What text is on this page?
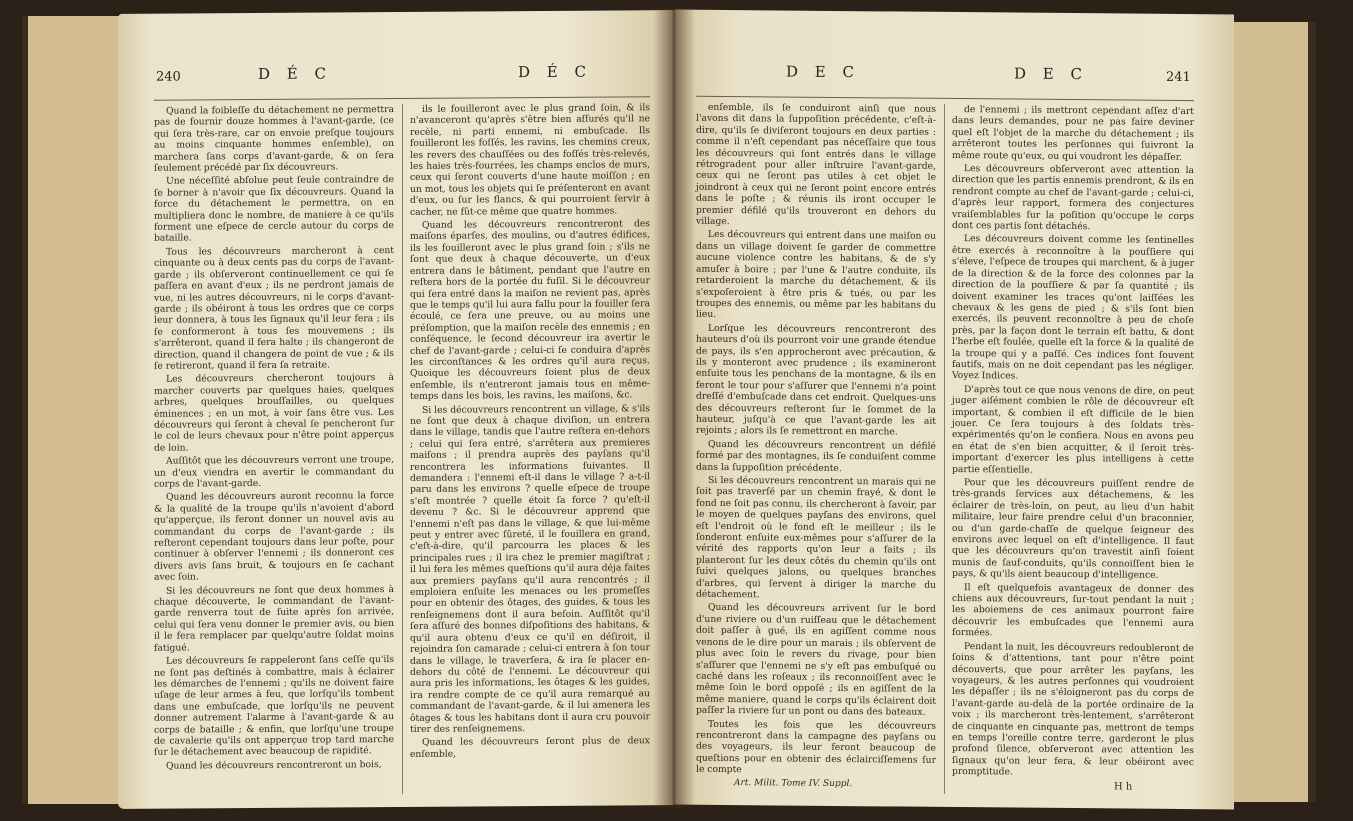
240	D É C	D É C

Quand la foibleſſe du détachement ne permettra pas de fournir douze hommes à l'avant-garde, (ce qui ſera très-rare, car on envoie preſque toujours au moins cinquante hommes enſemble), on marchera ſans corps d'avant-garde, & on ſera ſeulement précédé par ſix découvreurs.

Une néceſſité abſolue peut ſeule contraindre de ſe borner à n'avoir que ſix découvreurs. Quand la force du détachement le permettra, on en multipliera donc le nombre, de maniere à ce qu'ils forment une eſpece de cercle autour du corps de bataille.

Tous les découvreurs marcheront à cent cinquante ou à deux cents pas du corps de l'avant-garde ; ils obſerveront continuellement ce qui ſe paſſera en avant d'eux ; ils ne perdront jamais de vue, ni les autres découvreurs, ni le corps d'avant-garde ; ils obéiront à tous les ordres que ce corps leur donnera, à tous les ſignaux qu'il leur fera ; ils ſe conformeront à tous ſes mouvemens ; ils s'arrêteront, quand il fera halte ; ils changeront de direction, quand il changera de point de vue ; & ils ſe retireront, quand il fera ſa retraite.

Les découvreurs chercheront toujours à marcher couverts par quelques haies, quelques arbres, quelques brouſſailles, ou quelques éminences ; en un mot, à voir ſans être vus. Les découvreurs qui ſeront à cheval ſe pencheront ſur le col de leurs chevaux pour n'être point apperçus de loin.

Auſſitôt que les découvreurs verront une troupe, un d'eux viendra en avertir le commandant du corps de l'avant-garde.

Quand les découvreurs auront reconnu la force & la qualité de la troupe qu'ils n'avoient d'abord qu'apperçue, ils feront donner un nouvel avis au commandant du corps de l'avant-garde ; ils reſteront cependant toujours dans leur poſte, pour continuer à obſerver l'ennemi ; ils donneront ces divers avis ſans bruit, & toujours en ſe cachant avec ſoin.

Si les découvreurs ne ſont que deux hommes à chaque découverte, le commandant de l'avant-garde renverra tout de ſuite après ſon arrivée, celui qui ſera venu donner le premier avis, ou bien il le fera remplacer par quelqu'autre ſoldat moins fatigué.

Les découvreurs ſe rappeleront ſans ceſſe qu'ils ne ſont pas deſtinés à combattre, mais à éclairer les démarches de l'ennemi ; qu'ils ne doivent faire uſage de leur armes à feu, que lorſqu'ils tombent dans une embuſcade, que lorſqu'ils ne peuvent donner autrement l'alarme à l'avant-garde & au corps de bataille ; & enfin, que lorſqu'une troupe de cavalerie qu'ils ont apperçue trop tard marche ſur le détachement avec beaucoup de rapidité.

Quand les découvreurs rencontreront un bois,

ils le fouilleront avec le plus grand ſoin, & ils n'avanceront qu'après s'être bien aſſurés qu'il ne recèle, ni parti ennemi, ni embuſcade. Ils fouilleront les foſſés, les ravins, les chemins creux, les revers des chauſſées ou des foſſés très-relevés, les haies très-fourrées, les champs enclos de murs, ceux qui ſeront couverts d'une haute moiſſon ; en un mot, tous les objets qui ſe préſenteront en avant d'eux, ou ſur les flancs, & qui pourroient ſervir à cacher, ne fût-ce même que quatre hommes.

Quand les découvreurs rencontreront des maiſons éparſes, des moulins, ou d'autres édifices, ils les fouilleront avec le plus grand ſoin ; s'ils ne ſont que deux à chaque découverte, un d'eux entrera dans le bâtiment, pendant que l'autre en reſtera hors de la portée du fuſil. Si le découvreur qui ſera entré dans la maiſon ne revient pas, après que le temps qu'il lui aura fallu pour la fouiller ſera écoulé, ce ſera une preuve, ou au moins une préſomption, que la maiſon recèle des ennemis ; en conſéquence, le ſecond découvreur ira avertir le chef de l'avant-garde ; celui-ci ſe conduira d'après les circonſtances & les ordres qu'il aura reçus. Quoique les découvreurs ſoient plus de deux enſemble, ils n'entreront jamais tous en même-temps dans les bois, les ravins, les maiſons, &c.

Si les découvreurs rencontrent un village, & s'ils ne ſont que deux à chaque diviſion, un entrera dans le village, tandis que l'autre reſtera en-dehors ; celui qui ſera entré, s'arrêtera aux premieres maiſons ; il prendra auprès des payſans qu'il rencontrera les informations ſuivantes. Il demandera : l'ennemi eſt-il dans le village ? a-t-il paru dans les environs ? quelle eſpece de troupe s'eſt montrée ? quelle étoit ſa force ? qu'eſt-il devenu ? &c. Si le découvreur apprend que l'ennemi n'eſt pas dans le village, & que lui-même peut y entrer avec ſûreté, il le fouillera en grand, c'eſt-à-dire, qu'il parcourra les places & les principales rues ; il ira chez le premier magiſtrat ; il lui fera les mêmes queſtions qu'il aura déja faites aux premiers payſans qu'il aura rencontrés ; il emploiera enſuite les menaces ou les promeſſes pour en obtenir des ôtages, des guides, & tous les renſeignemens dont il aura beſoin. Auſſitôt qu'il ſera aſſuré des bonnes diſpoſitions des habitans, & qu'il aura obtenu d'eux ce qu'il en déſiroit, il rejoindra ſon camarade ; celui-ci entrera à ſon tour dans le village, le traverſera, & ira ſe placer en-dehors du côté de l'ennemi. Le découvreur qui aura pris les informations, les ôtages & les guides, ira rendre compte de ce qu'il aura remarqué au commandant de l'avant-garde, & il lui amenera les ôtages & tous les habitans dont il aura cru pouvoir tirer des renſeignemens.

Quand les découvreurs ſeront plus de deux enſemble,

D E C	D E C	241

enſemble, ils ſe conduiront ainſi que nous l'avons dit dans la ſuppoſition précédente, c'eſt-à-dire, qu'ils ſe diviſeront toujours en deux parties : comme il n'eſt cependant pas néceſſaire que tous les découvreurs qui ſont entrés dans le village rétrogradent pour aller inſtruire l'avant-garde, ceux qui ne ſeront pas utiles à cet objet le joindront à ceux qui ne ſeront point encore entrés dans le poſte ; & réunis ils iront occuper le premier défilé qu'ils trouveront en dehors du village.

Les découvreurs qui entrent dans une maiſon ou dans un village doivent ſe garder de commettre aucune violence contre les habitans, & de s'y amuſer à boire ; par l'une & l'autre conduite, ils retarderoient la marche du détachement, & ils s'expoſeroient à être pris & tués, ou par les troupes des ennemis, ou même par les habitans du lieu.

Lorſque les découvreurs rencontreront des hauteurs d'où ils pourront voir une grande étendue de pays, ils s'en approcheront avec précaution, & ils y monteront avec prudence ; ils examineront enſuite tous les penchans de la montagne, & ils en feront le tour pour s'aſſurer que l'ennemi n'a point dreſſé d'embuſcade dans cet endroit. Quelques-uns des découvreurs reſteront ſur le ſommet de la hauteur, juſqu'à ce que l'avant-garde les ait rejoints ; alors ils ſe remettront en marche.

Quand les découvreurs rencontrent un défilé formé par des montagnes, ils ſe conduiſent comme dans la ſuppoſition précédente.

Si les découvreurs rencontrent un marais qui ne ſoit pas traverſé par un chemin frayé, & dont le fond ne ſoit pas connu, ils chercheront à ſavoir, par le moyen de quelques payſans des environs, quel eſt l'endroit où le fond eſt le meilleur ; ils le ſonderont enſuite eux-mêmes pour s'aſſurer de la vérité des rapports qu'on leur a faits ; ils planteront ſur les deux côtés du chemin qu'ils ont ſuivi quelques jalons, ou quelques branches d'arbres, qui ſervent à diriger la marche du détachement.

Quand les découvreurs arrivent ſur le bord d'une riviere ou d'un ruiſſeau que le détachement doit paſſer à gué, ils en agiſſent comme nous venons de le dire pour un marais ; ils obſervent de plus avec ſoin le revers du rivage, pour bien s'aſſurer que l'ennemi ne s'y eſt pas embuſqué ou caché dans les roſeaux ; ils reconnoiſſent avec le même ſoin le bord oppoſé ; ils en agiſſent de la même maniere, quand le corps qu'ils éclairent doit paſſer la riviere ſur un pont ou dans des bateaux.

Toutes les fois que les découvreurs rencontreront dans la campagne des payſans ou des voyageurs, ils leur feront beaucoup de queſtions pour en obtenir des éclairciſſemens ſur le compte

de l'ennemi ; ils mettront cependant aſſez d'art dans leurs demandes, pour ne pas faire deviner quel eſt l'objet de la marche du détachement ; ils arrêteront toutes les perſonnes qui ſuivront la même route qu'eux, ou qui voudront les dépaſſer.

Les découvreurs obſerveront avec attention la direction que les partis ennemis prendront, & ils en rendront compte au chef de l'avant-garde ; celui-ci, d'après leur rapport, formera des conjectures vraiſemblables ſur la poſition qu'occupe le corps dont ces partis ſont détachés.

Les découvreurs doivent comme les ſentinelles être exercés à reconnoître à la pouſſiere qui s'éleve, l'eſpece de troupes qui marchent, & à juger de la direction & de la force des colonnes par la direction de la pouſſiere & par ſa quantité ; ils doivent examiner les traces qu'ont laiſſées les chevaux & les gens de pied ; & s'ils ſont bien exercés, ils peuvent reconnoître à peu de choſe près, par la façon dont le terrain eſt battu, & dont l'herbe eſt foulée, quelle eſt la force & la qualité de la troupe qui y a paſſé. Ces indices ſont ſouvent fautifs, mais on ne doit cependant pas les négliger. Voyez Indices.

D'après tout ce que nous venons de dire, on peut juger aiſément combien le rôle de découvreur eſt important, & combien il eſt difficile de le bien jouer. Ce ſera toujours à des ſoldats très-expérimentés qu'on le confiera. Nous en avons peu en état de s'en bien acquitter, & il ſeroit très-important d'exercer les plus intelligens à cette partie eſſentielle.

Pour que les découvreurs puiſſent rendre de très-grands ſervices aux détachemens, & les éclairer de très-loin, on peut, au lieu d'un habit militaire, leur faire prendre celui d'un braconnier, ou d'un garde-chaſſe de quelque ſeigneur des environs avec lequel on eſt d'intelligence. Il faut que les découvreurs qu'on travestit ainſi ſoient munis de ſauf-conduits, qu'ils connoiſſent bien le pays, & qu'ils aient beaucoup d'intelligence.

Il eſt quelquefois avantageux de donner des chiens aux découvreurs, ſur-tout pendant la nuit ; les aboiemens de ces animaux pourront faire découvrir les embuſcades que l'ennemi aura formées.

Pendant la nuit, les découvreurs redoubleront de ſoins & d'attentions, tant pour n'être point découverts, que pour arrêter les payſans, les voyageurs, & les autres perſonnes qui voudroient les dépaſſer ; ils ne s'éloigneront pas du corps de l'avant-garde au-delà de la portée ordinaire de la voix ; ils marcheront très-lentement, s'arrêteront de cinquante en cinquante pas, mettront de temps en temps l'oreille contre terre, garderont le plus profond ſilence, obſerveront avec attention les ſignaux qu'on leur fera, & leur obéiront avec promptitude.

Art. Milit. Tome IV. Suppl.	H h
